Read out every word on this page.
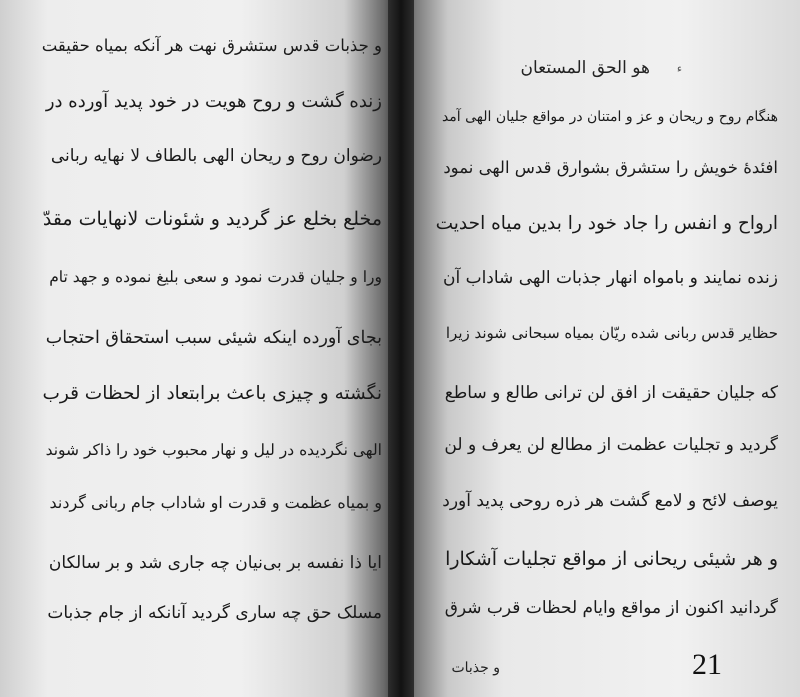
و جذبات قدس ستشرق نهت هر آنکه بمیاه حقیقت
زنده گشت و روح هویت در خود پدید آورده در
رضوان روح و ریحان الهی بالطاف لا نهایه ربانی
مخلع بخلع عز گردید و شئونات لانهایات مقدّ
ورا و جلیان قدرت نمود و سعی بلیغ نموده و جهد تام
بجای آورده اینکه شیئی سبب استحقاق احتجاب
نگشته و چیزی باعث برابتعاد از لحظات قرب
الهی نگردیده در لیل و نهار محبوب خود را ذاکر شوند
و بمیاه عظمت و قدرت او شاداب جام ربانی گردند
ایا ذا نفسه بر بی‌نیان چه جاری شد و بر سالکان
مسلک حق چه ساری گردید آنانکه از جام جذبات
هو الحق المستعان ء
هنگام روح و ریحان و عز و امتنان در مواقع جلیان الهی آمد
افئدهٔ خویش را ستشرق بشوارق قدس الهی نمود
ارواح و انفس را جاد خود را بدین میاه احدیت
زنده نمایند و بامواه انهار جذبات الهی شاداب آن
حظایر قدس ربانی شده ریّان بمیاه سبحانی شوند زیرا
که جلیان حقیقت از افق لن ترانی طالع و ساطع
گردید و تجلیات عظمت از مطالع لن یعرف و لن
یوصف لائح و لامع گشت هر ذره روحی پدید آورد
و هر شیئی ریحانی از مواقع تجلیات آشکارا
گردانید اکنون از مواقع وایام لحظات قرب شرق
و جذبات	21
